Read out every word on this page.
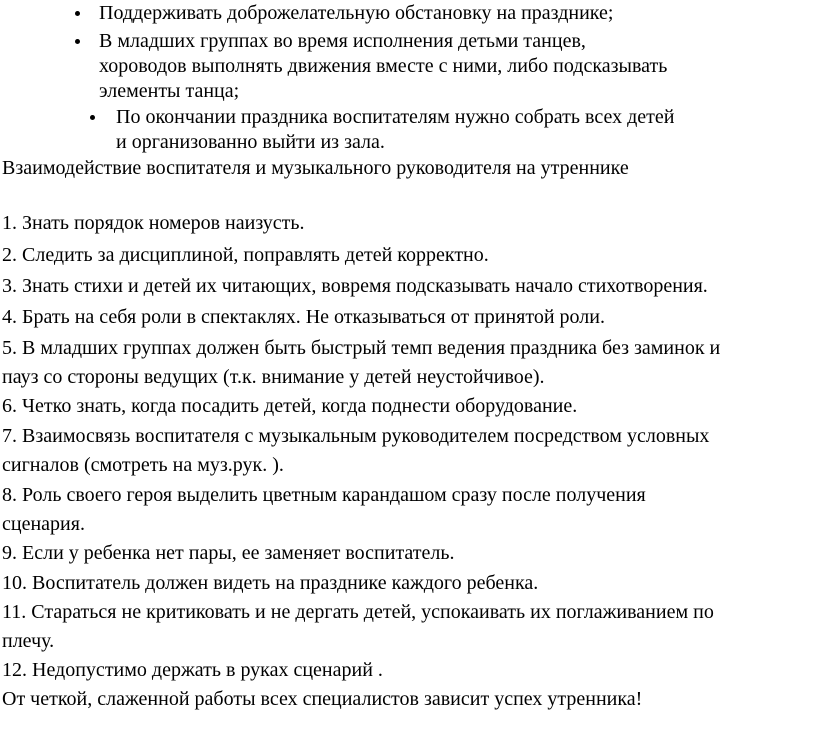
Поддерживать доброжелательную обстановку на празднике;
В младших группах во время исполнения детьми танцев,
хороводов выполнять движения вместе с ними, либо подсказывать
элементы танца;
По окончании праздника воспитателям нужно собрать всех детей
и организованно выйти из зала.
Взаимодействие воспитателя и музыкального руководителя на утреннике
1. Знать порядок номеров наизусть.
2. Следить за дисциплиной, поправлять детей корректно.
3. Знать стихи и детей их читающих, вовремя подсказывать начало стихотворения.
4. Брать на себя роли в спектаклях. Не отказываться от принятой роли.
5. В младших группах должен быть быстрый темп ведения праздника без заминок и
пауз со стороны ведущих (т.к. внимание у детей неустойчивое).
6. Четко знать, когда посадить детей, когда поднести оборудование.
7. Взаимосвязь воспитателя с музыкальным руководителем посредством условных
сигналов (смотреть на муз.рук. ).
8. Роль своего героя выделить цветным карандашом сразу после получения
сценария.
9. Если у ребенка нет пары, ее заменяет воспитатель.
10. Воспитатель должен видеть на празднике каждого ребенка.
11. Стараться не критиковать и не дергать детей, успокаивать их поглаживанием по
плечу.
12. Недопустимо держать в руках сценарий .
От четкой, слаженной работы всех специалистов зависит успех утренника!
